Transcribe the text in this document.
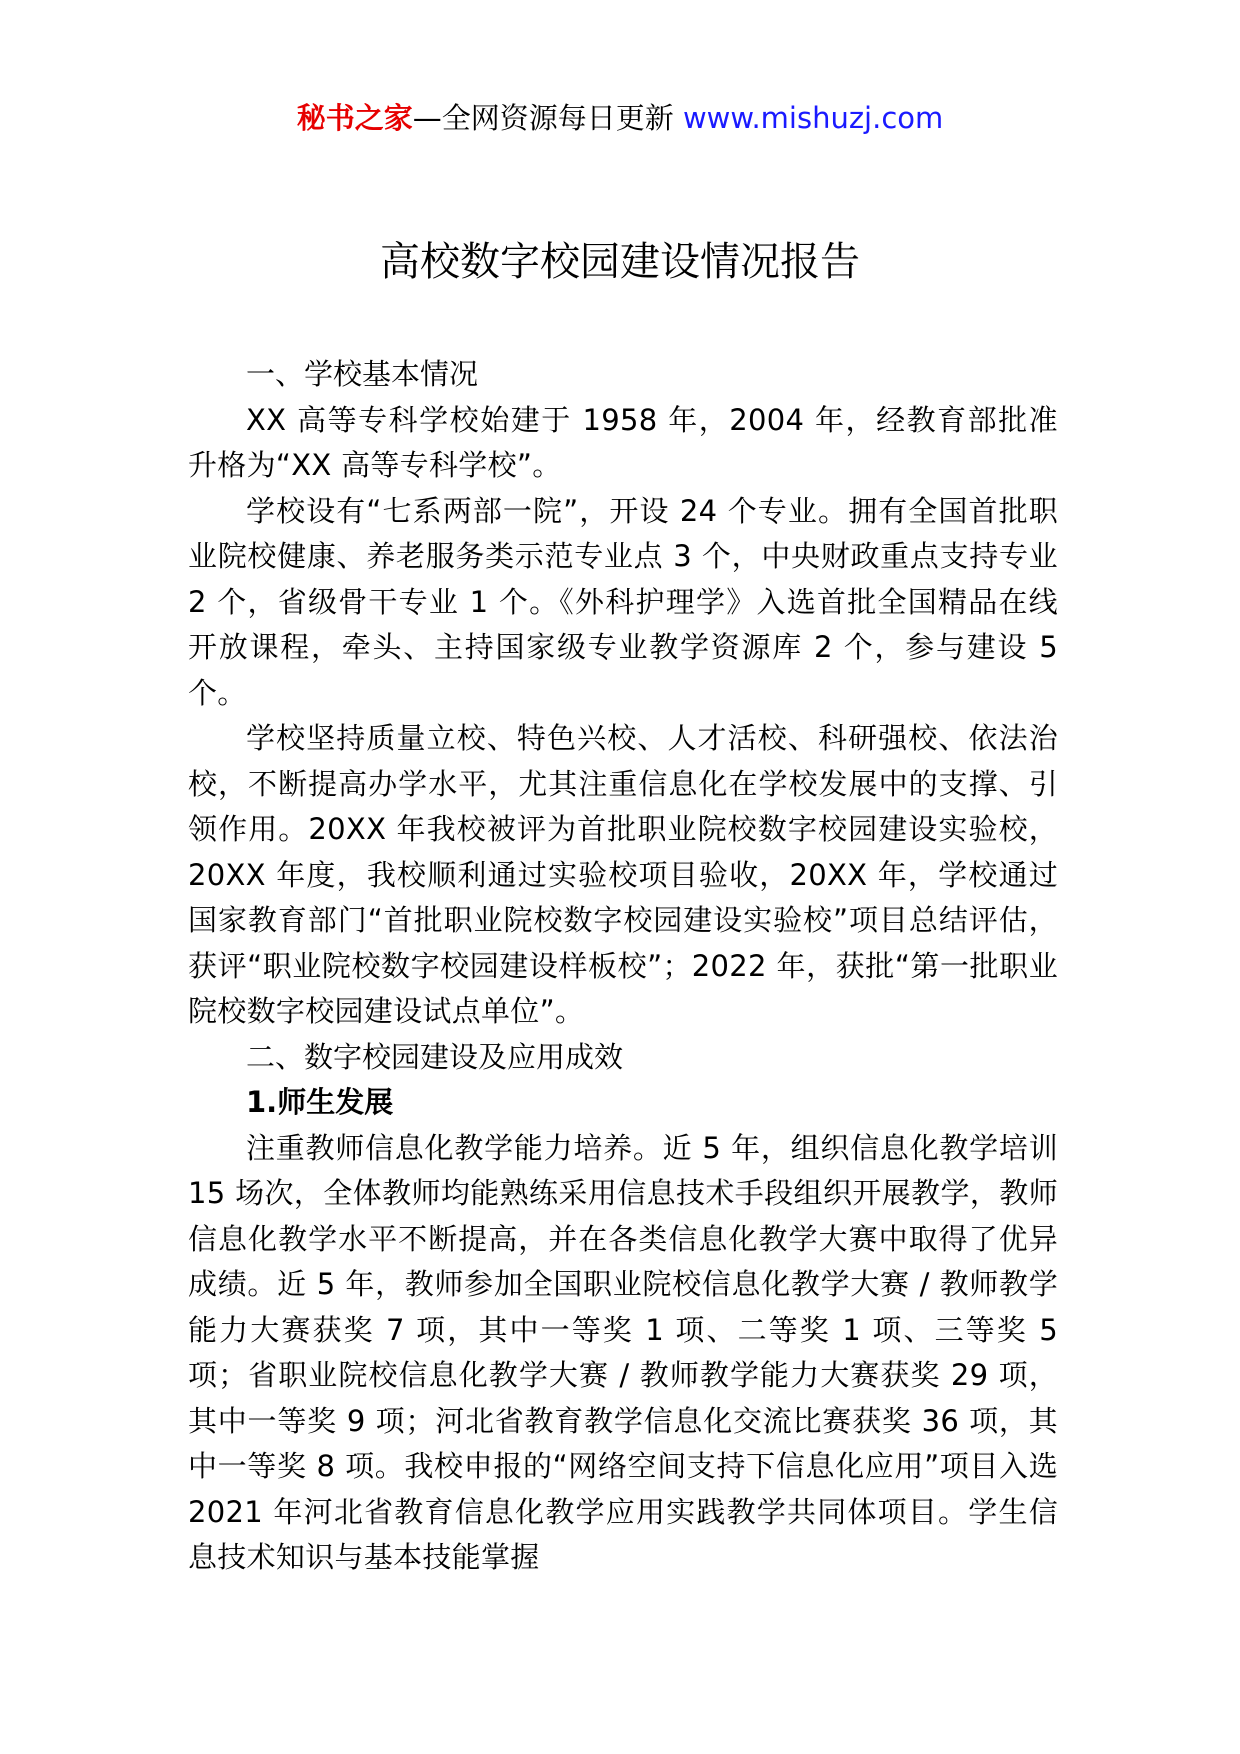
秘书之家—全网资源每日更新 www.mishuzj.com
高校数字校园建设情况报告

一、学校基本情况

XX 高等专科学校始建于 1958 年，2004 年，经教育部批准升格为“XX 高等专科学校”。

学校设有“七系两部一院”，开设 24 个专业。拥有全国首批职业院校健康、养老服务类示范专业点 3 个，中央财政重点支持专业 2 个，省级骨干专业 1 个。《外科护理学》入选首批全国精品在线开放课程，牵头、主持国家级专业教学资源库 2 个，参与建设 5 个。

学校坚持质量立校、特色兴校、人才活校、科研强校、依法治校，不断提高办学水平，尤其注重信息化在学校发展中的支撑、引领作用。20XX 年我校被评为首批职业院校数字校园建设实验校，20XX 年度，我校顺利通过实验校项目验收，20XX 年，学校通过国家教育部门“首批职业院校数字校园建设实验校”项目总结评估，获评“职业院校数字校园建设样板校”；2022 年，获批“第一批职业院校数字校园建设试点单位”。

二、数字校园建设及应用成效

1.师生发展

注重教师信息化教学能力培养。近 5 年，组织信息化教学培训 15 场次，全体教师均能熟练采用信息技术手段组织开展教学，教师信息化教学水平不断提高，并在各类信息化教学大赛中取得了优异成绩。近 5 年，教师参加全国职业院校信息化教学大赛 / 教师教学能力大赛获奖 7 项，其中一等奖 1 项、二等奖 1 项、三等奖 5 项；省职业院校信息化教学大赛 / 教师教学能力大赛获奖 29 项，其中一等奖 9 项；河北省教育教学信息化交流比赛获奖 36 项，其中一等奖 8 项。我校申报的“网络空间支持下信息化应用”项目入选 2021 年河北省教育信息化教学应用实践教学共同体项目。学生信息技术知识与基本技能掌握
